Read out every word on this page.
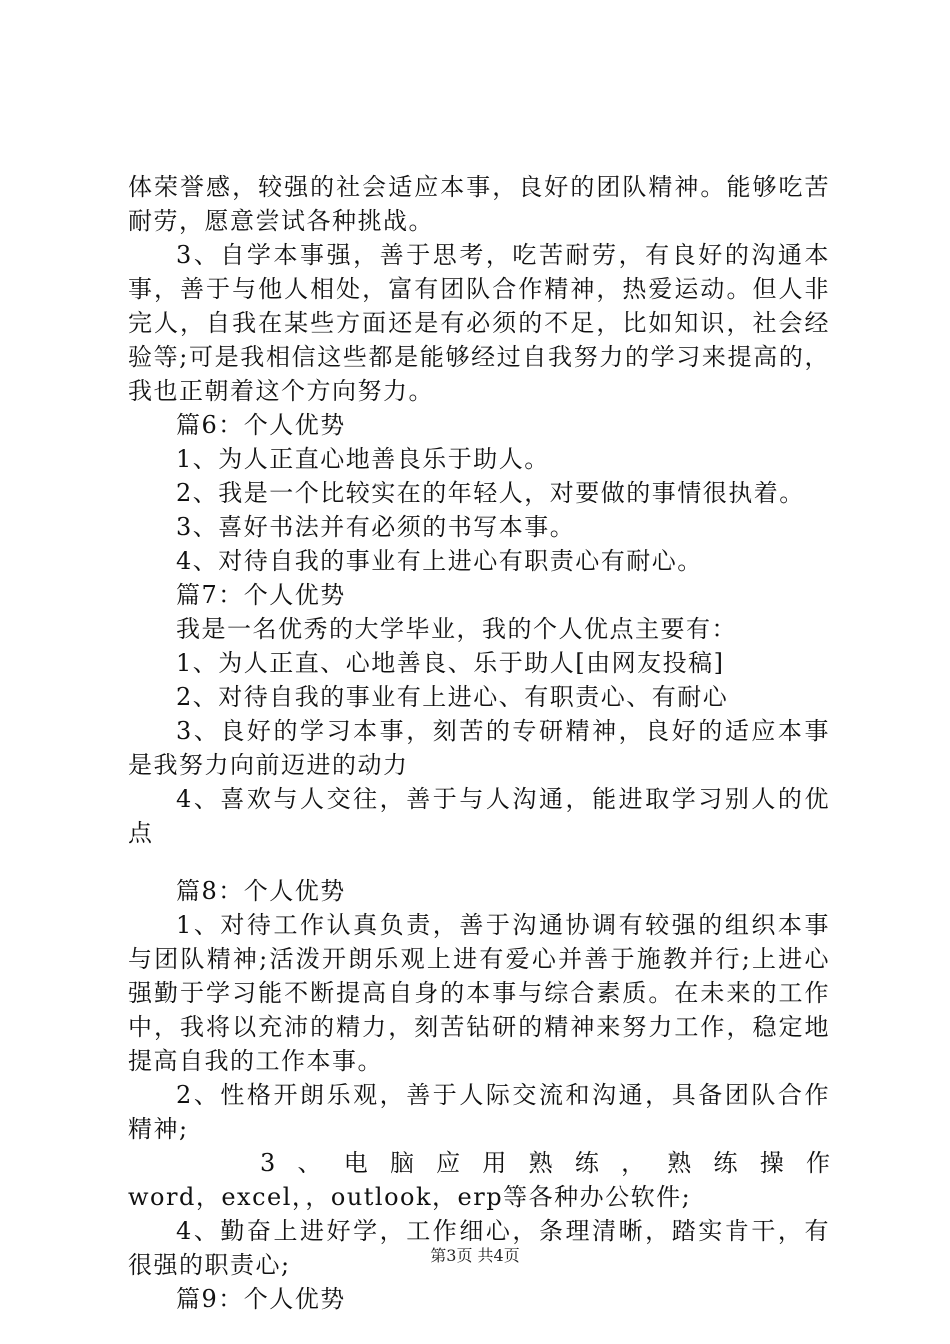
体荣誉感，较强的社会适应本事，良好的团队精神。能够吃苦耐劳，愿意尝试各种挑战。

3、自学本事强，善于思考，吃苦耐劳，有良好的沟通本事，善于与他人相处，富有团队合作精神，热爱运动。但人非完人，自我在某些方面还是有必须的不足，比如知识，社会经验等;可是我相信这些都是能够经过自我努力的学习来提高的，我也正朝着这个方向努力。

篇6：个人优势

1、为人正直心地善良乐于助人。

2、我是一个比较实在的年轻人，对要做的事情很执着。

3、喜好书法并有必须的书写本事。

4、对待自我的事业有上进心有职责心有耐心。

篇7：个人优势

我是一名优秀的大学毕业，我的个人优点主要有：

1、为人正直、心地善良、乐于助人[由网友投稿]

2、对待自我的事业有上进心、有职责心、有耐心

3、良好的学习本事，刻苦的专研精神，良好的适应本事是我努力向前迈进的动力

4、喜欢与人交往，善于与人沟通，能进取学习别人的优点

篇8：个人优势

1、对待工作认真负责，善于沟通协调有较强的组织本事与团队精神;活泼开朗乐观上进有爱心并善于施教并行;上进心强勤于学习能不断提高自身的本事与综合素质。在未来的工作中，我将以充沛的精力，刻苦钻研的精神来努力工作，稳定地提高自我的工作本事。

2、性格开朗乐观，善于人际交流和沟通，具备团队合作精神;

3、电脑应用熟练，熟练操作

word，excel，，outlook，erp等各种办公软件;

4、勤奋上进好学，工作细心，条理清晰，踏实肯干，有很强的职责心;

篇9：个人优势

第3页 共4页
